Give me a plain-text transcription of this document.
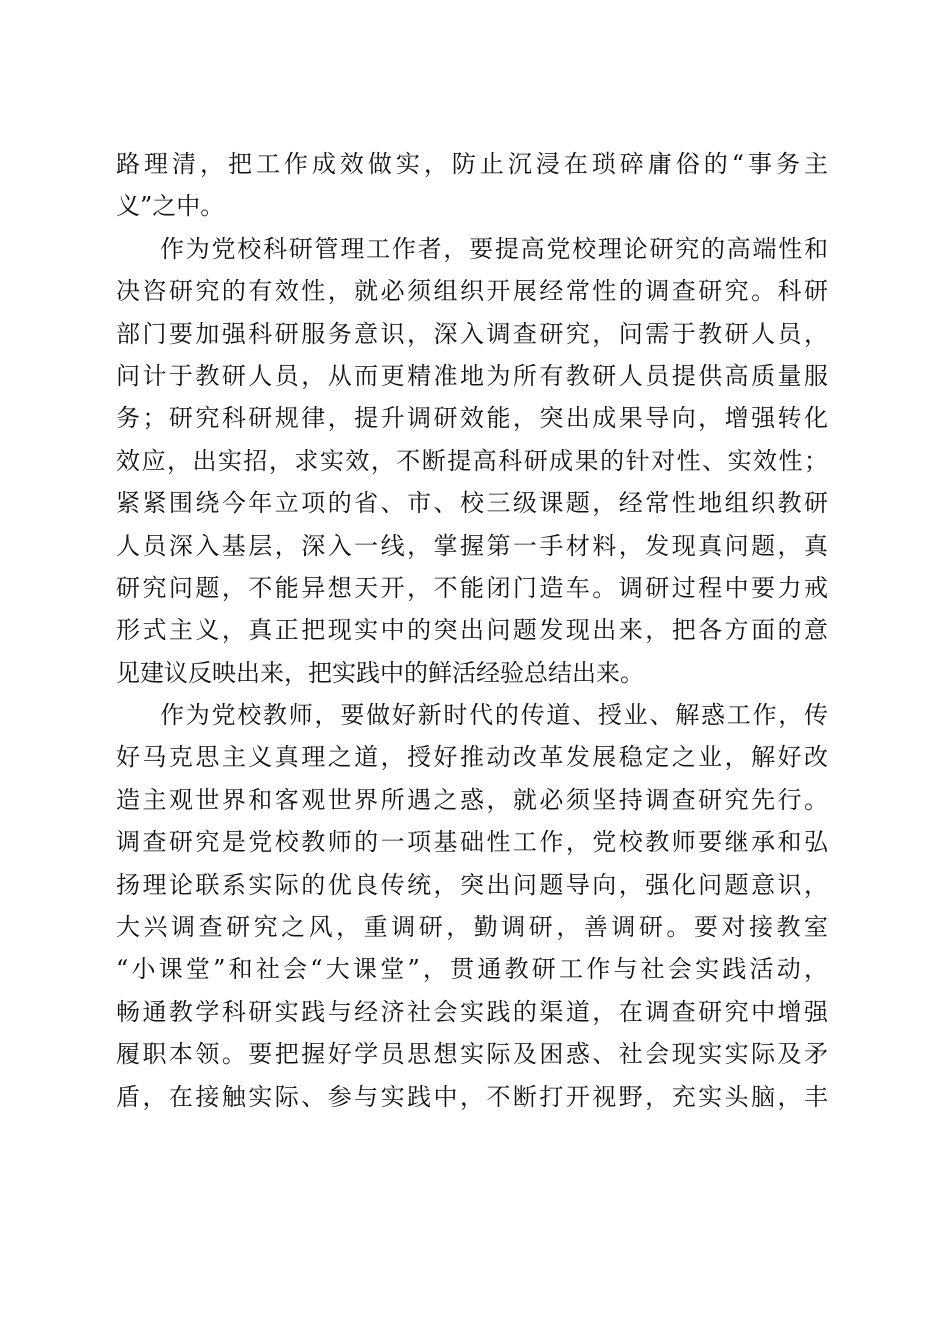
路理清，把工作成效做实，防止沉浸在琐碎庸俗的“事务主
义”之中。
作为党校科研管理工作者，要提高党校理论研究的高端性和
决咨研究的有效性，就必须组织开展经常性的调查研究。科研
部门要加强科研服务意识，深入调查研究，问需于教研人员，
问计于教研人员，从而更精准地为所有教研人员提供高质量服
务；研究科研规律，提升调研效能，突出成果导向，增强转化
效应，出实招，求实效，不断提高科研成果的针对性、实效性；
紧紧围绕今年立项的省、市、校三级课题，经常性地组织教研
人员深入基层，深入一线，掌握第一手材料，发现真问题，真
研究问题，不能异想天开，不能闭门造车。调研过程中要力戒
形式主义，真正把现实中的突出问题发现出来，把各方面的意
见建议反映出来，把实践中的鲜活经验总结出来。
作为党校教师，要做好新时代的传道、授业、解惑工作，传
好马克思主义真理之道，授好推动改革发展稳定之业，解好改
造主观世界和客观世界所遇之惑，就必须坚持调查研究先行。
调查研究是党校教师的一项基础性工作，党校教师要继承和弘
扬理论联系实际的优良传统，突出问题导向，强化问题意识，
大兴调查研究之风，重调研，勤调研，善调研。要对接教室
“小课堂”和社会“大课堂”，贯通教研工作与社会实践活动，
畅通教学科研实践与经济社会实践的渠道，在调查研究中增强
履职本领。要把握好学员思想实际及困惑、社会现实实际及矛
盾，在接触实际、参与实践中，不断打开视野，充实头脑，丰
